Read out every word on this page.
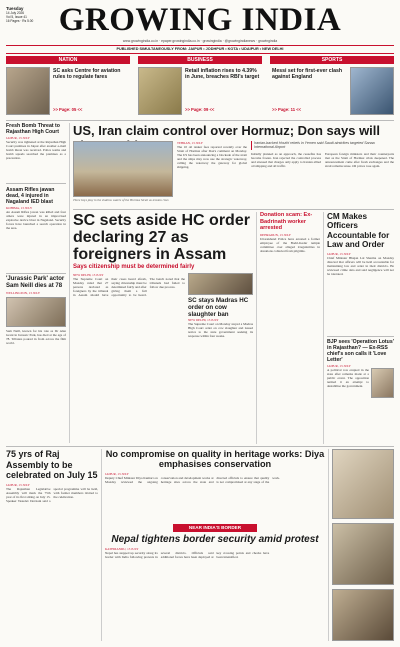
Tuesday
14 July 2026
Vol 5, Issue 41
16 Pages · Rs 5.00 GROWING INDIA
www.growingindia.co.in · epaper.growingindia.co.in · growingindia · @growingindianews · growingindia
PUBLISHED SIMULTANEOUSLY FROM: JAIPUR • JODHPUR • KOTA • UDAIPUR • NEW DELHI
NATION
SC asks Centre for aviation rules to regulate fares
>> Page: 05 <<
BUSINESS
Retail inflation rises to 4.39% in June, breaches RBI's target
>> Page: 09 <<
SPORTS
Messi set for first-ever clash against England
>> Page: 11 <<
Fresh Bomb Threat to Rajasthan High Court
JAIPUR, 13 JULY
Security was tightened at the Rajasthan High Court premises in Jaipur after another e-mail bomb threat was received. Police teams and bomb squads searched the premises as a precaution.
Assam Rifles jawan dead, 4 injured in Nagaland IED blast
KOHIMA, 13 JULY
An Assam Rifles jawan was killed and four others were injured in an improvised explosive device blast in Nagaland. Security forces have launched a search operation in the area.
'Jurassic Park' actor Sam Neill dies at 78
WELLINGTON, 13 JULY
Sam Neill, known for his role as Dr Alan Grant in Jurassic Park, has died at the age of 78. Tributes poured in from across the film world.
US, Iran claim control over Hormuz; Don says will
Three boys play in the shallow waters of the Hormuz Strait as tension rises
TEHRAN, 13 JULY
The 10 oil tanker fees reported recently over the Strait of Hormuz after Don's comment on Monday. The US has been announcing a blockade of the strait and the ships may now use the strategic waterway, calling the waterway the gateway for global shipping.
Iranian-backed Houthi rebels in Yemen said Saudi airstrikes targeted Sanaa International Airport
Initially planned as an approach, the ceasefire has become frozen. Iran rejected the controlled process and stressed that charges only apply to Iranian allied oil shipping and all traffic.
European foreign ministers and their counterparts met as the Strait of Hormuz crisis deepened. The announcement came after fresh exchanges and the strait remains tense. Oil prices rose again.
SC sets aside HC order declaring 27 as foreigners in Assam
Says citizenship must be determined fairly
NEW DELHI, 13 JULY
The Supreme Court on Monday ruled that 27 persons declared as foreigners by the tribunal in Assam should have their cases heard afresh, saying citizenship must be determined fairly and after giving them a full opportunity to be heard. The bench noted that the tribunals had failed to follow due process.
SC stays Madras HC order on cow slaughter ban
NEW DELHI, 13 JULY
The Supreme Court on Monday stayed a Madras High Court order on cow slaughter and issued notice to the state government seeking its response within four weeks.
Donation scam: Ex-Badrinath worker arrested
DEHRADUN, 13 JULY
Uttarakhand Police have arrested a former employee of the Badri-Kedar temple committee over alleged irregularities in donations collected from pilgrims.
CM Makes Officers Accountable for Law and Order
JAIPUR, 13 JULY
Chief Minister Bhajan Lal Sharma on Monday directed that officers will be held accountable for maintaining law and order in their districts. He reviewed crime data and said negligence will not be tolerated.
BJP sees 'Operation Lotus' in Rajasthan? — Ex-RSS chief's son calls it 'Love Letter'
JAIPUR, 13 JULY
A political row erupted in the state after remarks made at a public event. The opposition termed it an attempt to destabilise the government.
75 yrs of Raj Assembly to be celebrated on July 15
JAIPUR, 13 JULY
The Rajasthan Legislative Assembly will mark the 75th year of its first sitting on July 15. Speaker Vasudev Devnani said a special programme will be held, with former members invited to the celebration.
No compromise on quality in heritage works: Diya emphasises conservation
JAIPUR, 13 JULY
Deputy Chief Minister Diya Kumari on Monday reviewed the ongoing conservation and development works at heritage sites across the state and directed officials to ensure that quality is not compromised at any stage of the work.
NEAR INDIA'S BORDER
Nepal tightens border security amid protest
KATHMANDU, 13 JULY
Nepal has stepped up security along its border with India following protests in several districts. Officials said additional forces have been deployed at key crossing points and checks have been intensified.
